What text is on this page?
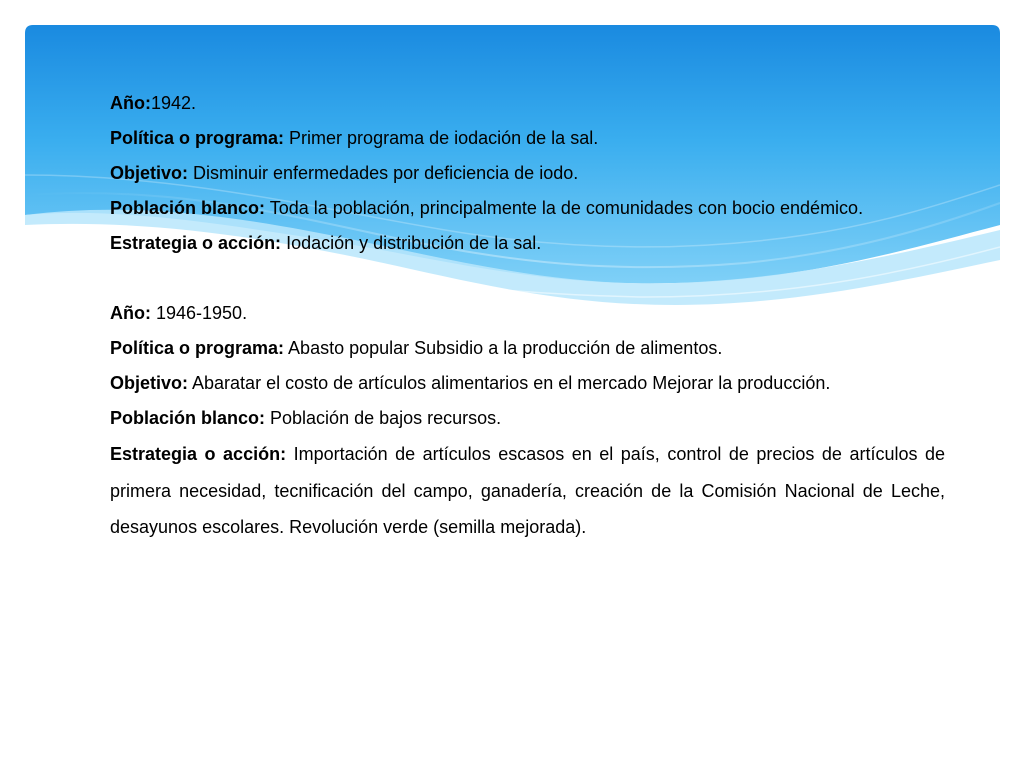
Año:1942.

Política o programa: Primer programa de iodación de la sal.

Objetivo: Disminuir enfermedades por deficiencia de iodo.

Población blanco: Toda la población, principalmente la de comunidades con bocio endémico.

Estrategia o acción: Iodación y distribución de la sal.

Año: 1946-1950.

Política o programa: Abasto popular Subsidio a la producción de alimentos.

Objetivo: Abaratar el costo de artículos alimentarios en el mercado Mejorar la producción.

Población blanco: Población de bajos recursos.

Estrategia o acción: Importación de artículos escasos en el país, control de precios de artículos de primera necesidad, tecnificación del campo, ganadería, creación de la Comisión Nacional de Leche, desayunos escolares. Revolución verde (semilla mejorada).
